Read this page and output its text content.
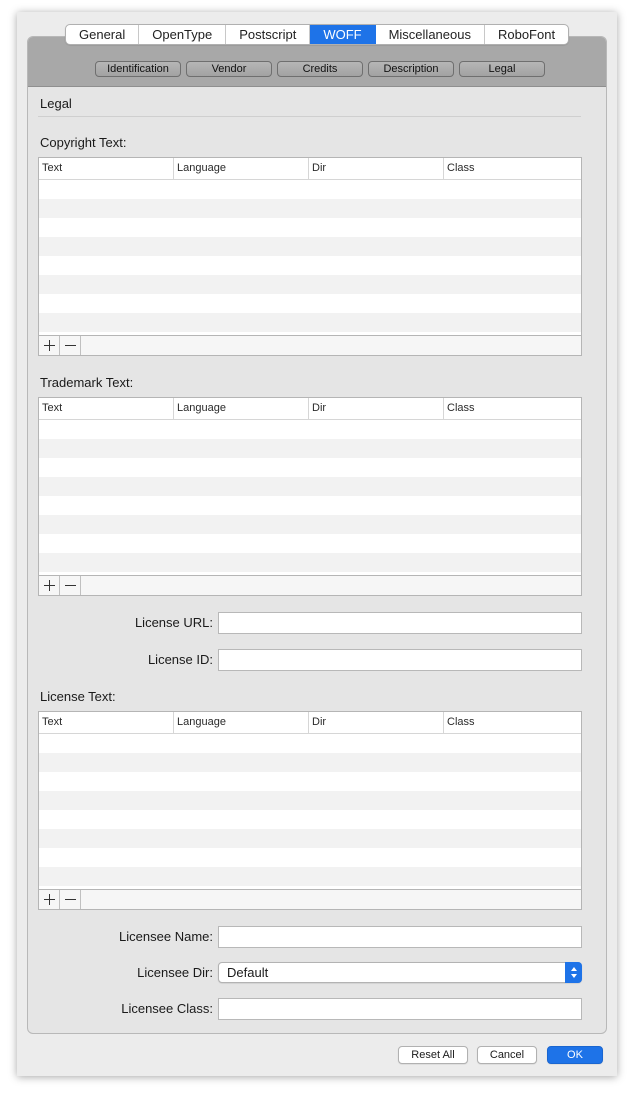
General	OpenType	Postscript	WOFF	Miscellaneous	RoboFont
Identification	Vendor	Credits	Description	Legal
Legal
Copyright Text:
Text	Language	Dir	Class
Trademark Text:
Text	Language	Dir	Class
License URL:
License ID:
License Text:
Text	Language	Dir	Class
Licensee Name:
Licensee Dir: Default
Licensee Class:
Reset All	Cancel	OK
